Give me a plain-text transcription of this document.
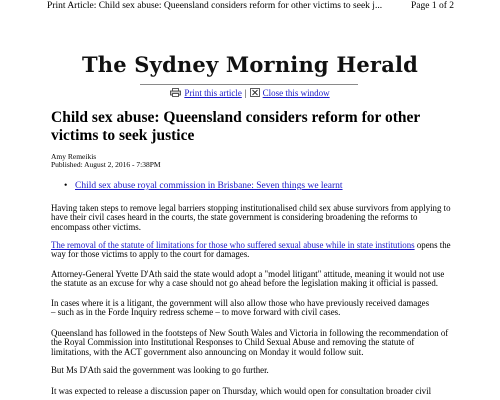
Print Article: Child sex abuse: Queensland considers reform for other victims to seek j...	Page 1 of 2
The Sydney Morning Herald
Print this article | Close this window
Child sex abuse: Queensland considers reform for other
victims to seek justice
Amy Remeikis
Published: August 2, 2016 - 7:38PM
• Child sex abuse royal commission in Brisbane: Seven things we learnt

Having taken steps to remove legal barriers stopping institutionalised child sex abuse survivors from applying to
have their civil cases heard in the courts, the state government is considering broadening the reforms to
encompass other victims.

The removal of the statute of limitations for those who suffered sexual abuse while in state institutions opens the
way for those victims to apply to the court for damages.

Attorney-General Yvette D'Ath said the state would adopt a "model litigant" attitude, meaning it would not use
the statute as an excuse for why a case should not go ahead before the legislation making it official is passed.

In cases where it is a litigant, the government will also allow those who have previously received damages
– such as in the Forde Inquiry redress scheme – to move forward with civil cases.

Queensland has followed in the footsteps of New South Wales and Victoria in following the recommendation of
the Royal Commission into Institutional Responses to Child Sexual Abuse and removing the statute of
limitations, with the ACT government also announcing on Monday it would follow suit.

But Ms D'Ath said the government was looking to go further.

It was expected to release a discussion paper on Thursday, which would open for consultation broader civil
